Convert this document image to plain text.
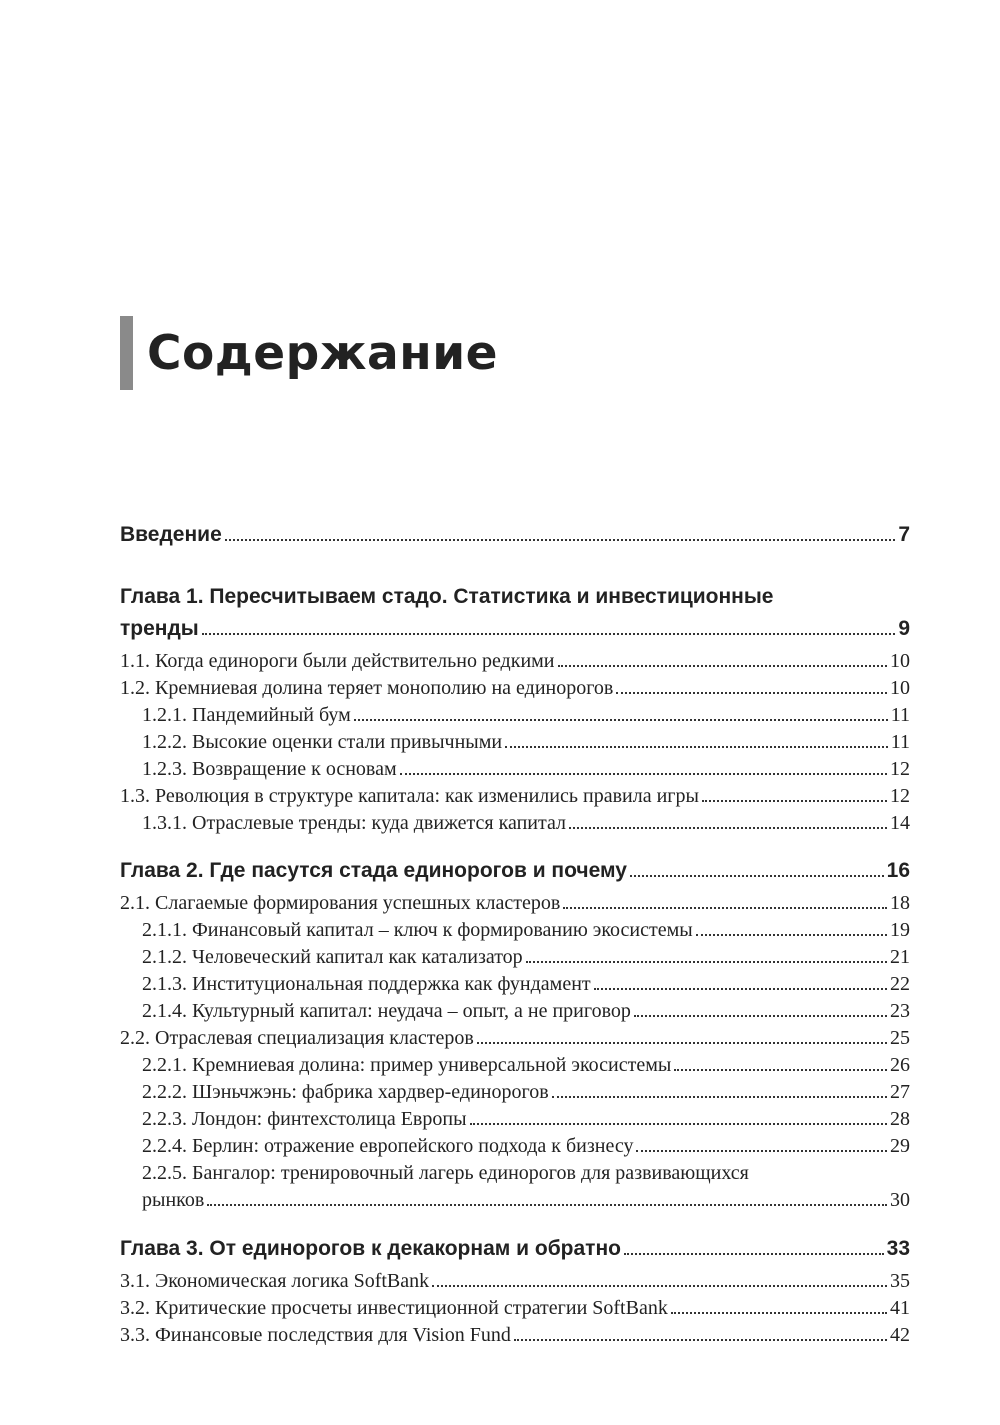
Содержание
Введение	7
Глава 1. Пересчитываем стадо. Статистика и инвестиционные
тренды	9
1.1. Когда единороги были действительно редкими	10
1.2. Кремниевая долина теряет монополию на единорогов	10
1.2.1. Пандемийный бум	11
1.2.2. Высокие оценки стали привычными	11
1.2.3. Возвращение к основам	12
1.3. Революция в структуре капитала: как изменились правила игры	12
1.3.1. Отраслевые тренды: куда движется капитал	14
Глава 2. Где пасутся стада единорогов и почему	16
2.1. Слагаемые формирования успешных кластеров	18
2.1.1. Финансовый капитал – ключ к формированию экосистемы	19
2.1.2. Человеческий капитал как катализатор	21
2.1.3. Институциональная поддержка как фундамент	22
2.1.4. Культурный капитал: неудача – опыт, а не приговор	23
2.2. Отраслевая специализация кластеров	25
2.2.1. Кремниевая долина: пример универсальной экосистемы	26
2.2.2. Шэньчжэнь: фабрика хардвер-единорогов	27
2.2.3. Лондон: финтехстолица Европы	28
2.2.4. Берлин: отражение европейского подхода к бизнесу	29
2.2.5. Бангалор: тренировочный лагерь единорогов для развивающихся
рынков	30
Глава 3. От единорогов к декакорнам и обратно	33
3.1. Экономическая логика SoftBank	35
3.2. Критические просчеты инвестиционной стратегии SoftBank	41
3.3. Финансовые последствия для Vision Fund	42
